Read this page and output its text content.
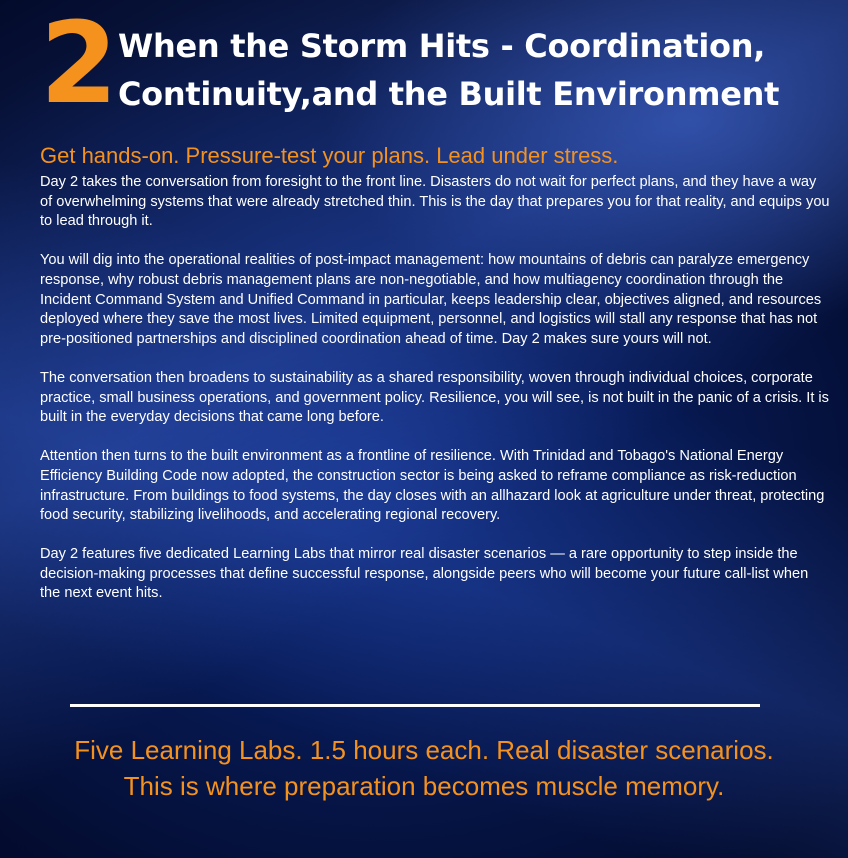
2 When the Storm Hits - Coordination,
Continuity,and the Built Environment
Get hands-on. Pressure-test your plans. Lead under stress.

Day 2 takes the conversation from foresight to the front line. Disasters do not wait for perfect plans, and they have a way of overwhelming systems that were already stretched thin. This is the day that prepares you for that reality, and equips you to lead through it.

You will dig into the operational realities of post-impact management: how mountains of debris can paralyze emergency response, why robust debris management plans are non-negotiable, and how multiagency coordination through the Incident Command System and Unified Command in particular, keeps leadership clear, objectives aligned, and resources deployed where they save the most lives. Limited equipment, personnel, and logistics will stall any response that has not pre-positioned partnerships and disciplined coordination ahead of time. Day 2 makes sure yours will not.

The conversation then broadens to sustainability as a shared responsibility, woven through individual choices, corporate practice, small business operations, and government policy. Resilience, you will see, is not built in the panic of a crisis. It is built in the everyday decisions that came long before.

Attention then turns to the built environment as a frontline of resilience. With Trinidad and Tobago's National Energy Efficiency Building Code now adopted, the construction sector is being asked to reframe compliance as risk-reduction infrastructure. From buildings to food systems, the day closes with an allhazard look at agriculture under threat, protecting food security, stabilizing livelihoods, and accelerating regional recovery.

Day 2 features five dedicated Learning Labs that mirror real disaster scenarios — a rare opportunity to step inside the decision-making processes that define successful response, alongside peers who will become your future call-list when the next event hits.

Five Learning Labs. 1.5 hours each. Real disaster scenarios.
This is where preparation becomes muscle memory.
